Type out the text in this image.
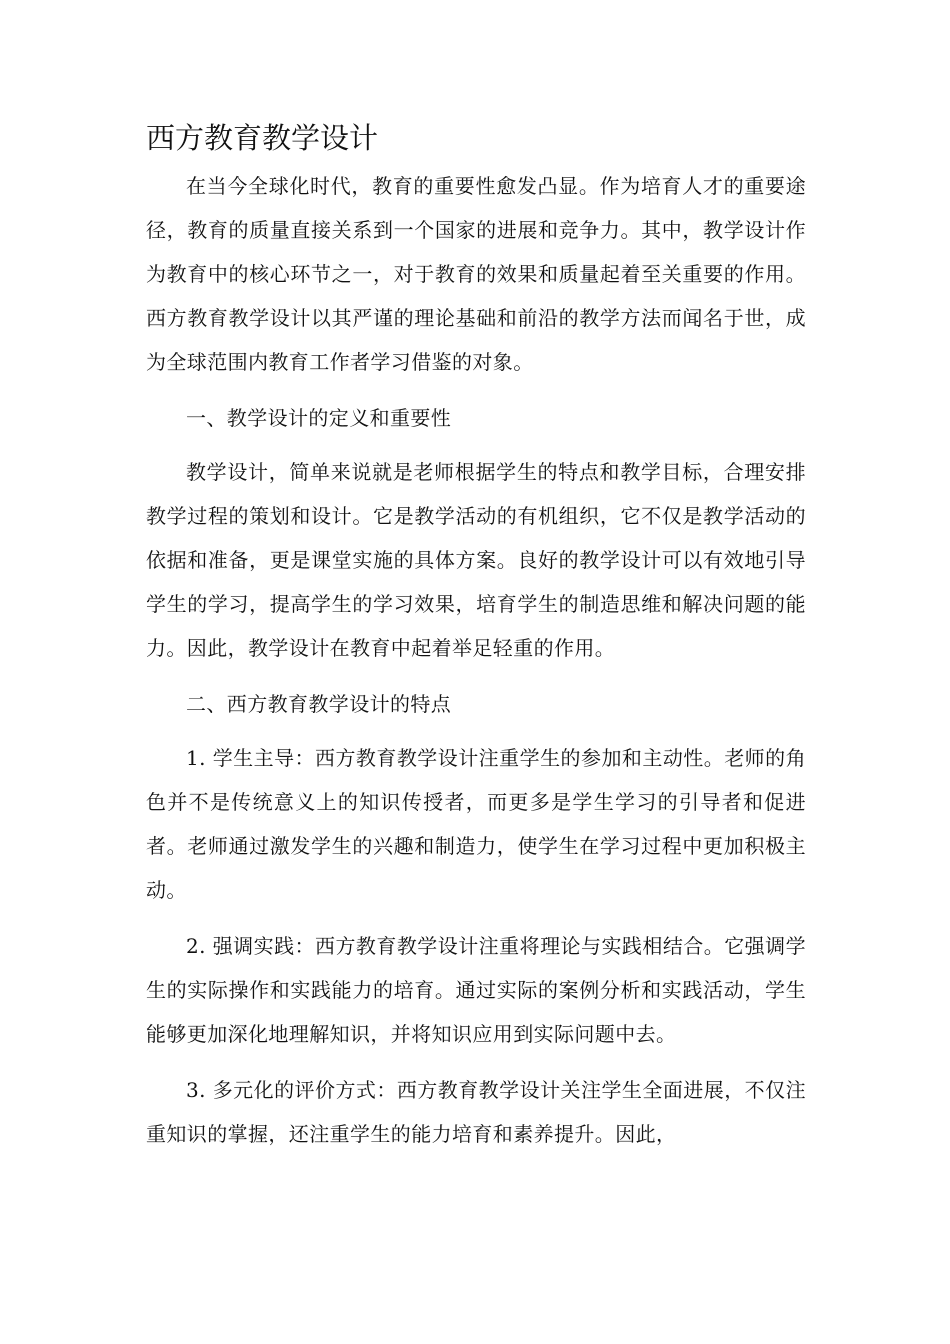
西方教育教学设计

在当今全球化时代，教育的重要性愈发凸显。作为培育人才的重要途径，教育的质量直接关系到一个国家的进展和竞争力。其中，教学设计作为教育中的核心环节之一，对于教育的效果和质量起着至关重要的作用。西方教育教学设计以其严谨的理论基础和前沿的教学方法而闻名于世，成为全球范围内教育工作者学习借鉴的对象。

一、教学设计的定义和重要性

教学设计，简单来说就是老师根据学生的特点和教学目标，合理安排教学过程的策划和设计。它是教学活动的有机组织，它不仅是教学活动的依据和准备，更是课堂实施的具体方案。良好的教学设计可以有效地引导学生的学习，提高学生的学习效果，培育学生的制造思维和解决问题的能力。因此，教学设计在教育中起着举足轻重的作用。

二、西方教育教学设计的特点

1. 学生主导：西方教育教学设计注重学生的参加和主动性。老师的角色并不是传统意义上的知识传授者，而更多是学生学习的引导者和促进者。老师通过激发学生的兴趣和制造力，使学生在学习过程中更加积极主动。

2. 强调实践：西方教育教学设计注重将理论与实践相结合。它强调学生的实际操作和实践能力的培育。通过实际的案例分析和实践活动，学生能够更加深化地理解知识，并将知识应用到实际问题中去。

3. 多元化的评价方式：西方教育教学设计关注学生全面进展，不仅注重知识的掌握，还注重学生的能力培育和素养提升。因此，
